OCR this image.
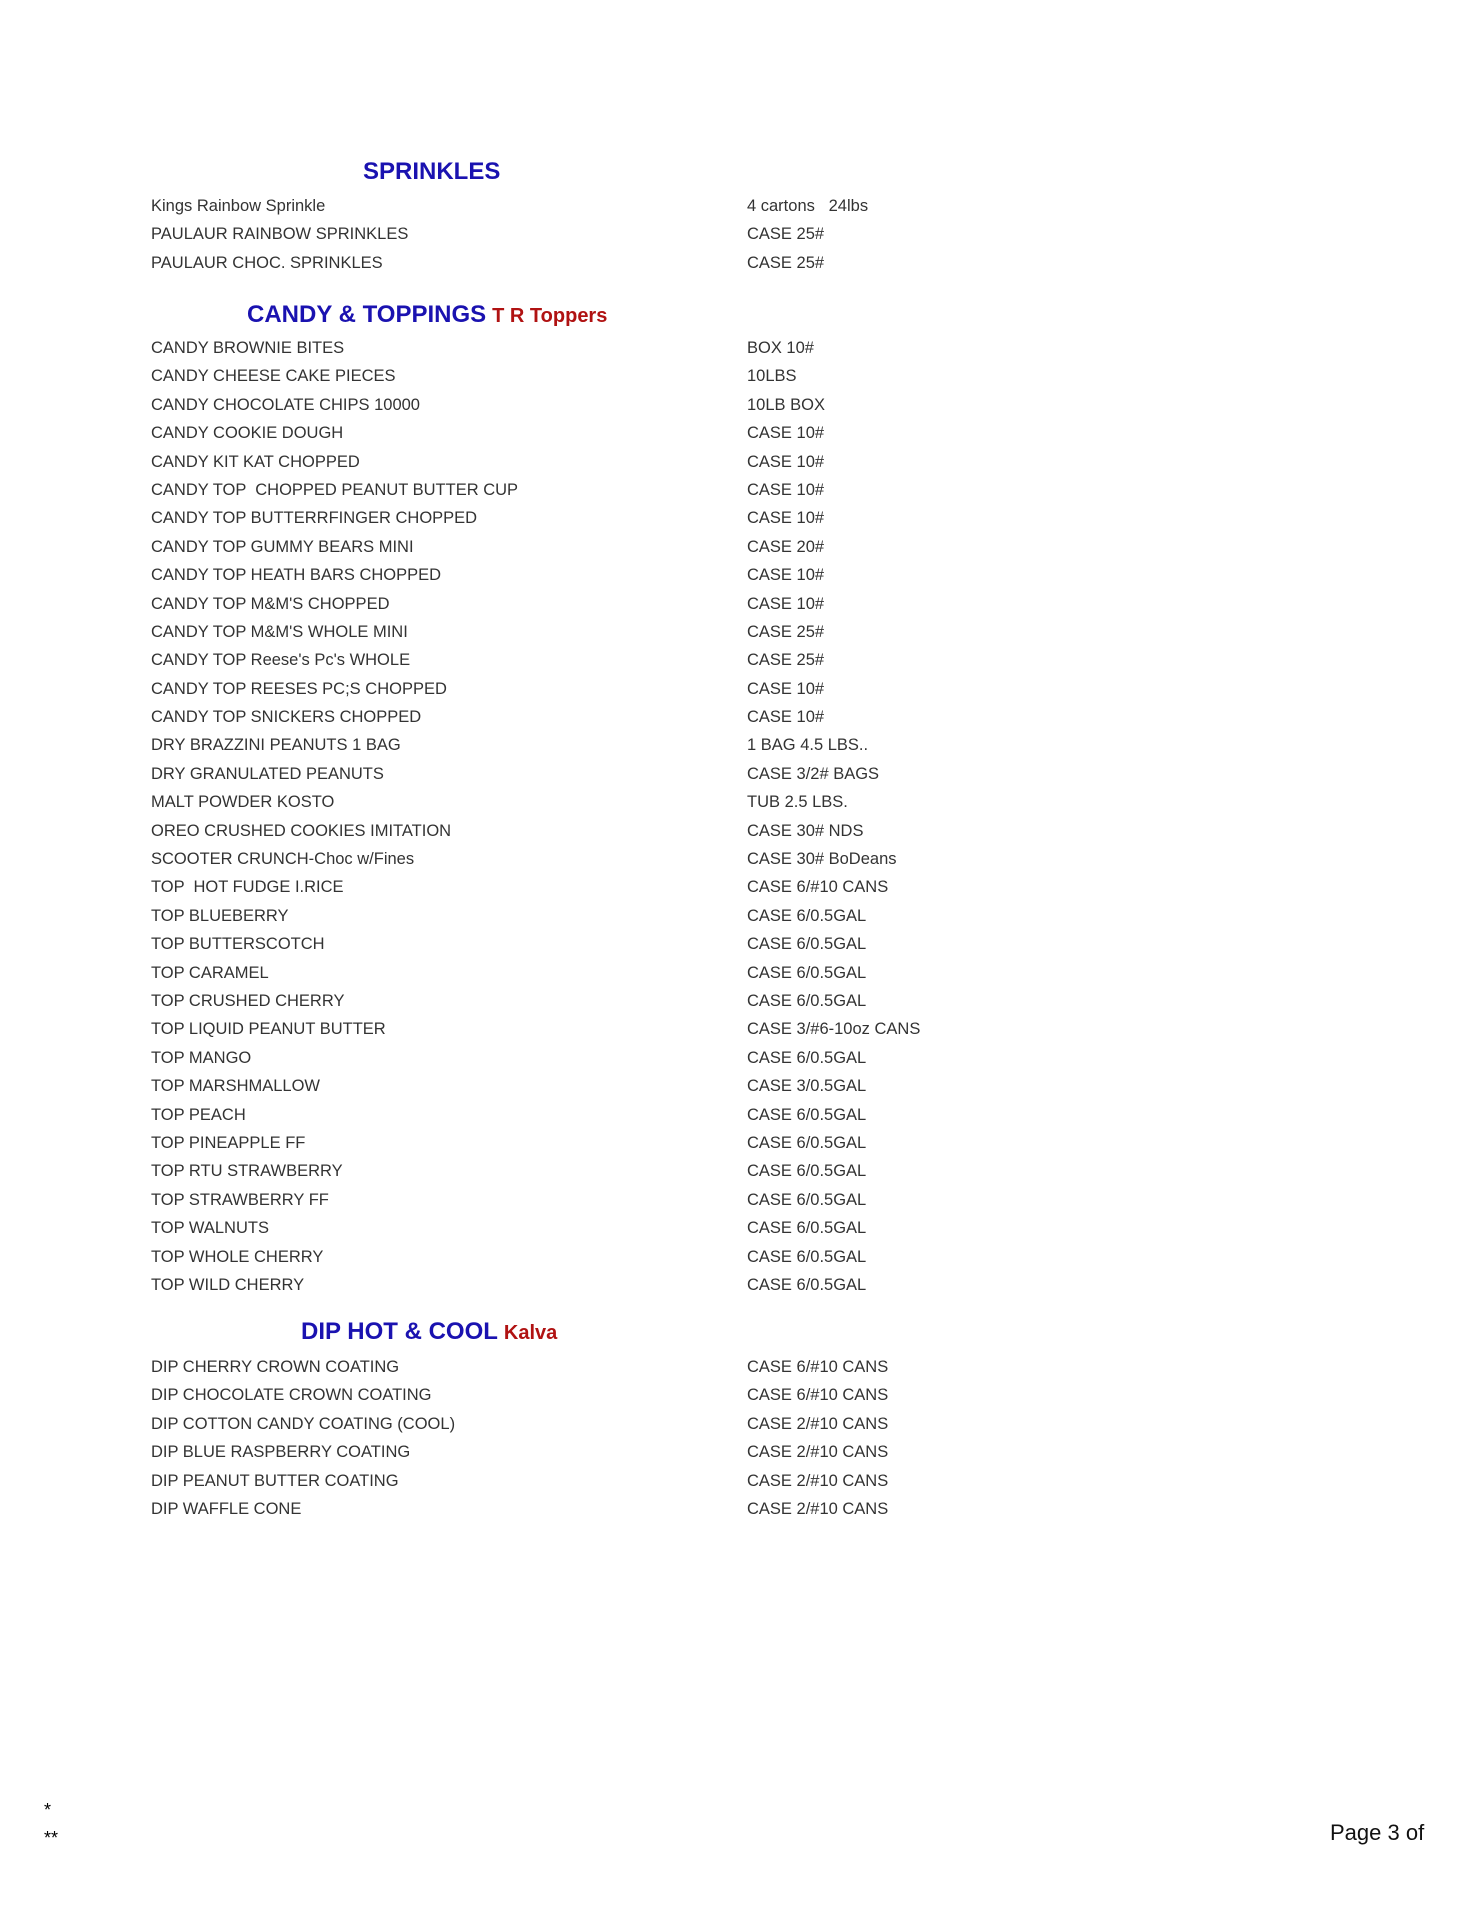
SPRINKLES
Kings Rainbow Sprinkle	4 cartons   24lbs
PAULAUR RAINBOW SPRINKLES	CASE 25#
PAULAUR CHOC. SPRINKLES	CASE 25#
CANDY & TOPPINGS T R Toppers
CANDY BROWNIE BITES	BOX 10#
CANDY CHEESE CAKE PIECES	10LBS
CANDY CHOCOLATE CHIPS 10000	10LB BOX
CANDY COOKIE DOUGH	CASE 10#
CANDY KIT KAT CHOPPED	CASE 10#
CANDY TOP  CHOPPED PEANUT BUTTER CUP	CASE 10#
CANDY TOP BUTTERRFINGER CHOPPED	CASE 10#
CANDY TOP GUMMY BEARS MINI	CASE 20#
CANDY TOP HEATH BARS CHOPPED	CASE 10#
CANDY TOP M&M'S CHOPPED	CASE 10#
CANDY TOP M&M'S WHOLE MINI	CASE 25#
CANDY TOP Reese's Pc's WHOLE	CASE 25#
CANDY TOP REESES PC;S CHOPPED	CASE 10#
CANDY TOP SNICKERS CHOPPED	CASE 10#
DRY BRAZZINI PEANUTS 1 BAG	1 BAG 4.5 LBS..
DRY GRANULATED PEANUTS	CASE 3/2# BAGS
MALT POWDER KOSTO	TUB 2.5 LBS.
OREO CRUSHED COOKIES IMITATION	CASE 30# NDS
SCOOTER CRUNCH-Choc w/Fines	CASE 30# BoDeans
TOP  HOT FUDGE I.RICE	CASE 6/#10 CANS
TOP BLUEBERRY	CASE 6/0.5GAL
TOP BUTTERSCOTCH	CASE 6/0.5GAL
TOP CARAMEL	CASE 6/0.5GAL
TOP CRUSHED CHERRY	CASE 6/0.5GAL
TOP LIQUID PEANUT BUTTER	CASE 3/#6-10oz CANS
TOP MANGO	CASE 6/0.5GAL
TOP MARSHMALLOW	CASE 3/0.5GAL
TOP PEACH	CASE 6/0.5GAL
TOP PINEAPPLE FF	CASE 6/0.5GAL
TOP RTU STRAWBERRY	CASE 6/0.5GAL
TOP STRAWBERRY FF	CASE 6/0.5GAL
TOP WALNUTS	CASE 6/0.5GAL
TOP WHOLE CHERRY	CASE 6/0.5GAL
TOP WILD CHERRY	CASE 6/0.5GAL
DIP HOT & COOL Kalva
DIP CHERRY CROWN COATING	CASE 6/#10 CANS
DIP CHOCOLATE CROWN COATING	CASE 6/#10 CANS
DIP COTTON CANDY COATING (COOL)	CASE 2/#10 CANS
DIP BLUE RASPBERRY COATING	CASE 2/#10 CANS
DIP PEANUT BUTTER COATING	CASE 2/#10 CANS
DIP WAFFLE CONE	CASE 2/#10 CANS
*
**	Page 3 of
